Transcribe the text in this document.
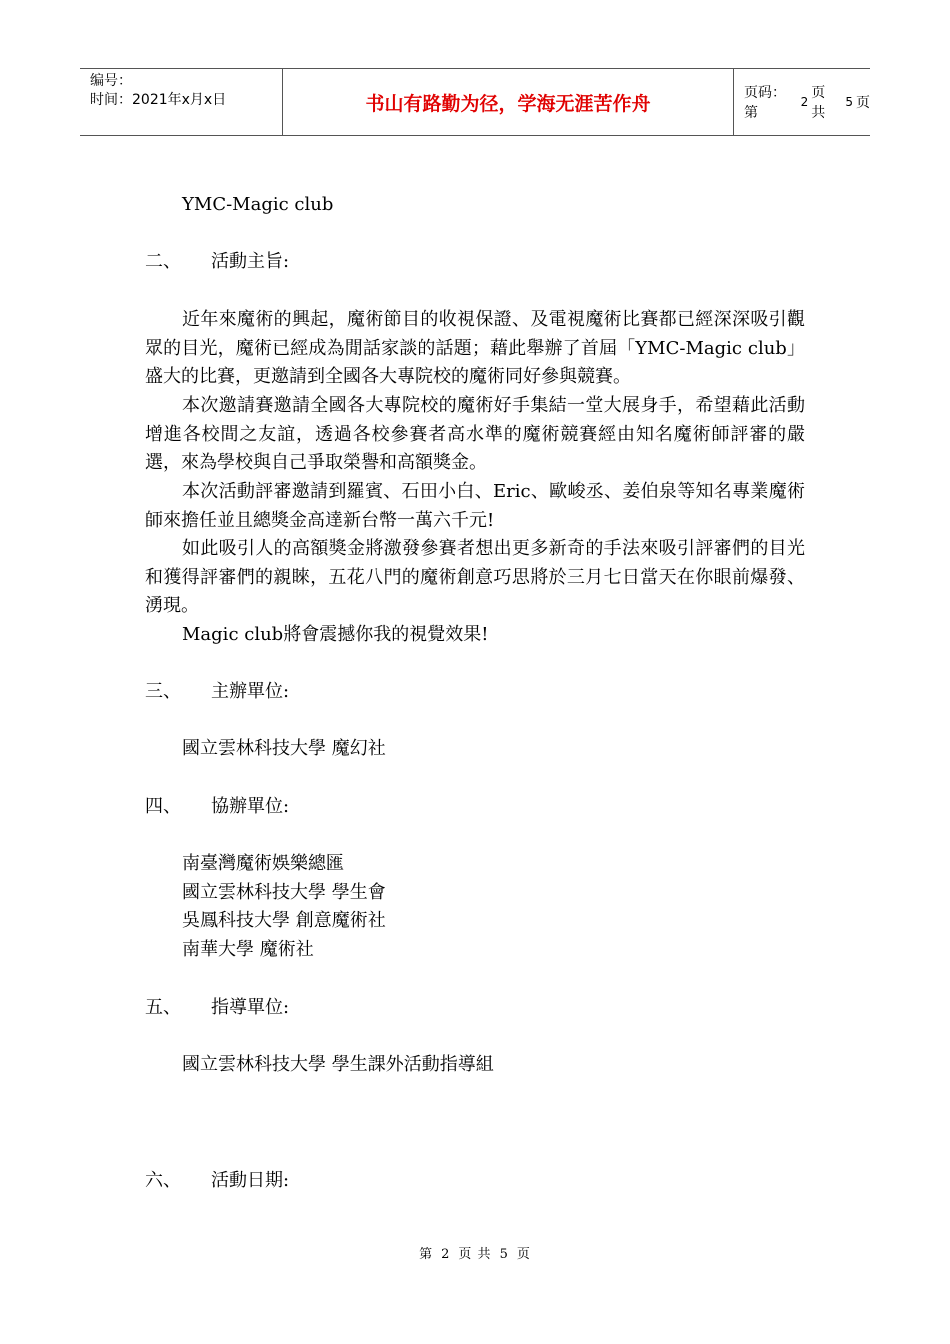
编号：
时间：2021年x月x日	书山有路勤为径，学海无涯苦作舟	页码：第
2
页 共
5 页
YMC-Magic club
二、 活動主旨:
近年來魔術的興起，魔術節目的收視保證、及電視魔術比賽都已經深深吸引觀眾的目光，魔術已經成為閒話家談的話題；藉此舉辦了首屆「YMC-Magic club」盛大的比賽，更邀請到全國各大專院校的魔術同好參與競賽。
本次邀請賽邀請全國各大專院校的魔術好手集結一堂大展身手，希望藉此活動增進各校間之友誼，透過各校參賽者高水準的魔術競賽經由知名魔術師評審的嚴選，來為學校與自己爭取榮譽和高額獎金。
本次活動評審邀請到羅賓、石田小白、Eric、歐峻丞、姜伯泉等知名專業魔術師來擔任並且總獎金高達新台幣一萬六千元!
如此吸引人的高額獎金將激發參賽者想出更多新奇的手法來吸引評審們的目光和獲得評審們的親睞，五花八門的魔術創意巧思將於三月七日當天在你眼前爆發、湧現。
Magic club將會震撼你我的視覺效果!
三、 主辦單位:
國立雲林科技大學 魔幻社
四、 協辦單位:
南臺灣魔術娛樂總匯
國立雲林科技大學 學生會
吳鳳科技大學 創意魔術社
南華大學 魔術社
五、 指導單位:
國立雲林科技大學 學生課外活動指導組
六、 活動日期:
第 2 页 共 5 页
